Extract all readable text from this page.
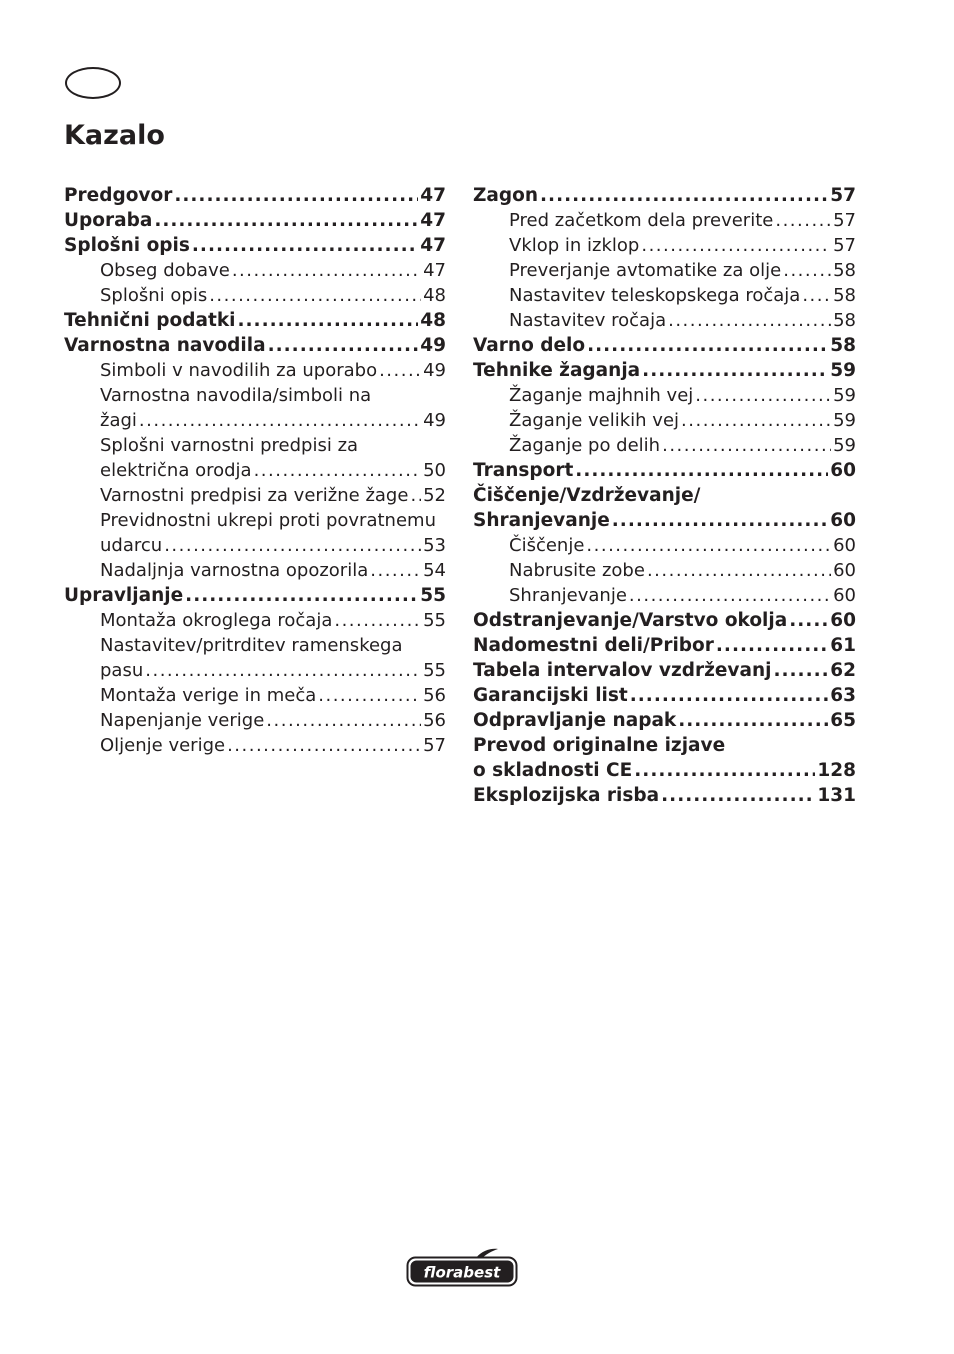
Kazalo
Predgovor .....	47
Uporaba .....	47
Splošni opis .....	47
Obseg dobave .....	47
Splošni opis .....	48
Tehnični podatki .....	48
Varnostna navodila .....	49
Simboli v navodilih za uporabo .....	49
Varnostna navodila/simboli na
žagi .....	49
Splošni varnostni predpisi za
električna orodja .....	50
Varnostni predpisi za verižne žage ..... 52
Previdnostni ukrepi proti povratnemu
udarcu .....	53
Nadaljnja varnostna opozorila .....	54
Upravljanje .....	55
Montaža okroglega ročaja .....	55
Nastavitev/pritrditev ramenskega
pasu .....	55
Montaža verige in meča .....	56
Napenjanje verige .....	56
Oljenje verige .....	57
Zagon .....	57
Pred začetkom dela preverite .....	57
Vklop in izklop .....	57
Preverjanje avtomatike za olje .....	58
Nastavitev teleskopskega ročaja ..... 58
Nastavitev ročaja .....	58
Varno delo .....	58
Tehnike žaganja .....	59
Žaganje majhnih vej .....	59
Žaganje velikih vej .....	59
Žaganje po delih .....	59
Transport .....	60
Čiščenje/Vzdrževanje/
Shranjevanje .....	60
Čiščenje .....	60
Nabrusite zobe .....	60
Shranjevanje .....	60
Odstranjevanje/Varstvo okolja ..... 60
Nadomestni deli/Pribor .....	61
Tabela intervalov vzdrževanj .....	62
Garancijski list .....	63
Odpravljanje napak .....	65
Prevod originalne izjave
o skladnosti CE .....	128
Eksplozijska risba .....	131
florabest
